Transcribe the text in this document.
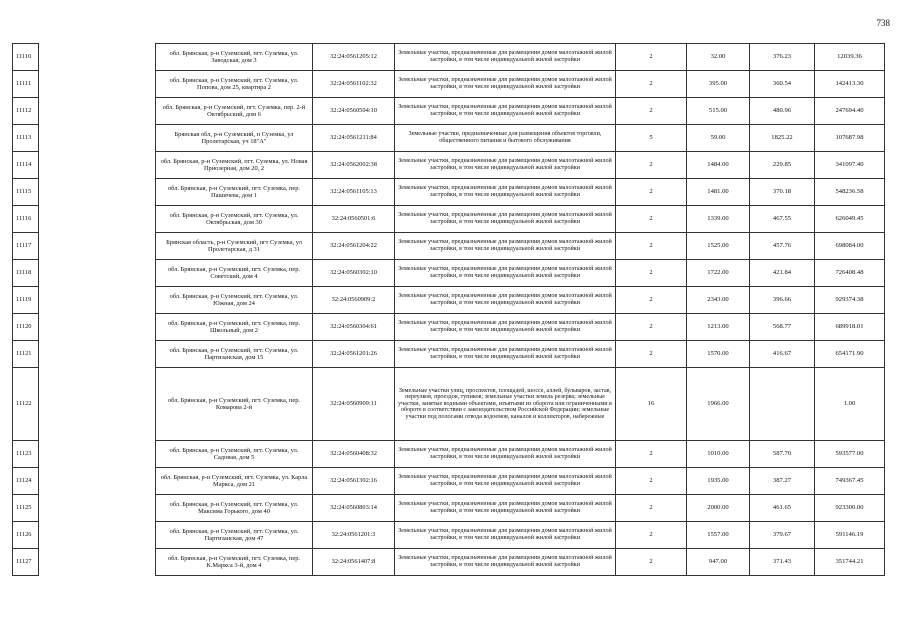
738
11110		обл. Брянская, р-н Суземский, пгт. Суземка, ул. Заводская, дом 3	32:24:0561205:12	Земельные участки, предназначенные для размещения домов малоэтажной жилой застройки, в том числе индивидуальной жилой застройки	2	32.00	376.23	12039.36
11111		обл. Брянская, р-н Суземский, пгт. Суземка, ул. Попова, дом 25, квартира 2	32:24:0561102:32	Земельные участки, предназначенные для размещения домов малоэтажной жилой застройки, в том числе индивидуальной жилой застройки	2	395.00	360.54	142413.30
11112		обл. Брянская, р-н Суземский, пгт. Суземка, пер. 2-й Октябрьский, дом 6	32:24:0560504:10	Земельные участки, предназначенные для размещения домов малоэтажной жилой застройки, в том числе индивидуальной жилой застройки	2	515.00	480.96	247694.40
11113		Брянская обл, р-н Суземский, п Суземка, ул Пролетарская, уч 18"А"	32:24:0561211:84	Земельные участки, предназначенные для размещения объектов торговли, общественного питания и бытового обслуживания	5	59.00	1825.22	107687.98
11114		обл. Брянская, р-н Суземский, пгт. Суземка, ул. Новая Приозерная, дом 20, 2	32:24:0562002:38	Земельные участки, предназначенные для размещения домов малоэтажной жилой застройки, в том числе индивидуальной жилой застройки	2	1484.00	229.85	341097.40
11115		обл. Брянская, р-н Суземский, пгт. Суземка, пер. Пашичева, дом 1	32:24:0561105:13	Земельные участки, предназначенные для размещения домов малоэтажной жилой застройки, в том числе индивидуальной жилой застройки	2	1481.00	370.18	548236.58
11116		обл. Брянская, р-н Суземский, пгт. Суземка, ул. Октябрьская, дом 30	32:24:0560501:6	Земельные участки, предназначенные для размещения домов малоэтажной жилой застройки, в том числе индивидуальной жилой застройки	2	1339.00	467.55	626049.45
11117		Брянская область, р-н Суземский, пгт Суземка, ул Пролетарская, д 31	32:24:0561204:22	Земельные участки, предназначенные для размещения домов малоэтажной жилой застройки, в том числе индивидуальной жилой застройки	2	1525.00	457.76	698084.00
11118		обл. Брянская, р-н Суземский, пгт. Суземка, пер. Советский, дом 4	32:24:0560302:10	Земельные участки, предназначенные для размещения домов малоэтажной жилой застройки, в том числе индивидуальной жилой застройки	2	1722.00	421.84	726408.48
11119		обл. Брянская, р-н Суземский, пгт. Суземка, ул. Южная, дом 24	32:24:0560909:2	Земельные участки, предназначенные для размещения домов малоэтажной жилой застройки, в том числе индивидуальной жилой застройки	2	2343.00	396.66	929374.38
11120		обл. Брянская, р-н Суземский, пгт. Суземка, пер. Школьный, дом 2	32:24:0560304:61	Земельные участки, предназначенные для размещения домов малоэтажной жилой застройки, в том числе индивидуальной жилой застройки	2	1213.00	568.77	689918.01
11121		обл. Брянская, р-н Суземский, пгт. Суземка, ул. Партизанская, дом 15	32:24:0561201:26	Земельные участки, предназначенные для размещения домов малоэтажной жилой застройки, в том числе индивидуальной жилой застройки	2	1570.00	416.67	654171.90
11122		обл. Брянская, р-н Суземский, пгт. Суземка, пер. Комарова 2-й	32:24:0560909:11	Земельные участки улиц, проспектов, площадей, шоссе, аллей, бульваров, застав, переулков, проездов, тупиков; земельные участки земель резерва; земельные участки, занятые водными объектами, изъятыми из оборота или ограниченными в обороте в соответствии с законодательством Российской Федерации; земельные участки под полосами отвода водоемов, каналов и коллекторов, набережные	16	1966.00		1.00
11123		обл. Брянская, р-н Суземский, пгт. Суземка, ул. Садовая, дом 5	32:24:0560408:32	Земельные участки, предназначенные для размещения домов малоэтажной жилой застройки, в том числе индивидуальной жилой застройки	2	1010.00	587.70	593577.00
11124		обл. Брянская, р-н Суземский, пгт. Суземка, ул. Карла Маркса, дом 21	32:24:0561302:16	Земельные участки, предназначенные для размещения домов малоэтажной жилой застройки, в том числе индивидуальной жилой застройки	2	1935.00	387.27	749367.45
11125		обл. Брянская, р-н Суземский, пгт. Суземка, ул. Максима Горького, дом 40	32:24:0560803:14	Земельные участки, предназначенные для размещения домов малоэтажной жилой застройки, в том числе индивидуальной жилой застройки	2	2000.00	461.65	923300.00
11126		обл. Брянская, р-н Суземский, пгт. Суземка, ул. Партизанская, дом 47	32:24:0561201:3	Земельные участки, предназначенные для размещения домов малоэтажной жилой застройки, в том числе индивидуальной жилой застройки	2	1557.00	379.67	591146.19
11127		обл. Брянская, р-н Суземский, пгт. Суземка, пер. К.Маркса 3-й, дом 4	32:24:0561407:8	Земельные участки, предназначенные для размещения домов малоэтажной жилой застройки, в том числе индивидуальной жилой застройки	2	947.00	371.43	351744.21
